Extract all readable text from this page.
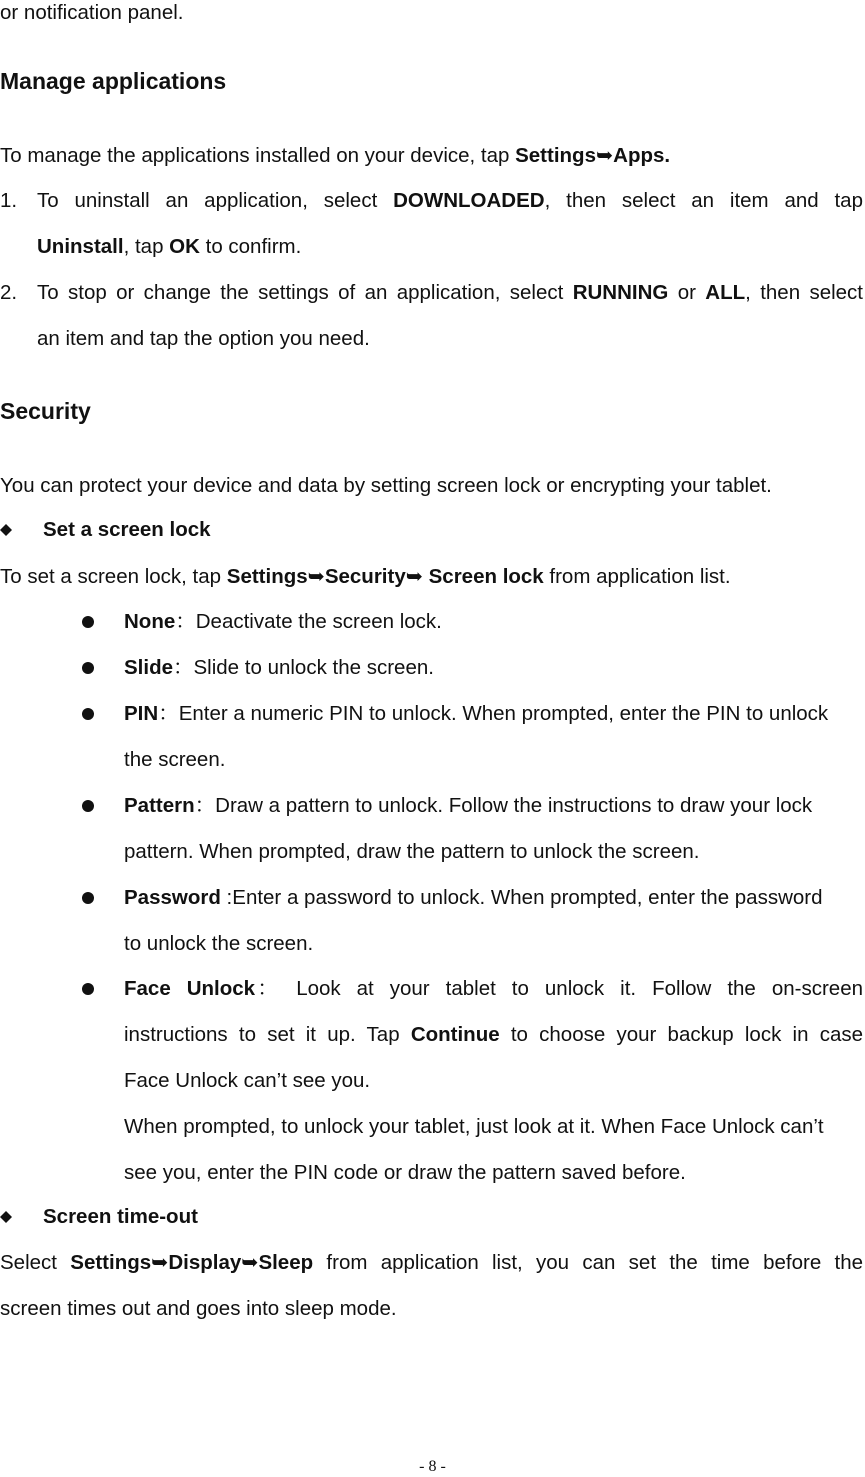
or notification panel.
Manage applications
To manage the applications installed on your device, tap Settings➥Apps.
1. To uninstall an application, select DOWNLOADED, then select an item and tap
Uninstall, tap OK to confirm.
2. To stop or change the settings of an application, select RUNNING or ALL, then select
an item and tap the option you need.
Security
You can protect your device and data by setting screen lock or encrypting your tablet.
Set a screen lock
To set a screen lock, tap Settings➥Security➥ Screen lock from application list.
None：Deactivate the screen lock.
Slide：Slide to unlock the screen.
PIN：Enter a numeric PIN to unlock. When prompted, enter the PIN to unlock
the screen.
Pattern：Draw a pattern to unlock. Follow the instructions to draw your lock
pattern. When prompted, draw the pattern to unlock the screen.
Password :Enter a password to unlock. When prompted, enter the password
to unlock the screen.
Face Unlock： Look at your tablet to unlock it. Follow the on-screen
instructions to set it up. Tap Continue to choose your backup lock in case
Face Unlock can’t see you.
When prompted, to unlock your tablet, just look at it. When Face Unlock can’t
see you, enter the PIN code or draw the pattern saved before.
Screen time-out
Select Settings➥Display➥Sleep from application list, you can set the time before the
screen times out and goes into sleep mode.
- 8 -
